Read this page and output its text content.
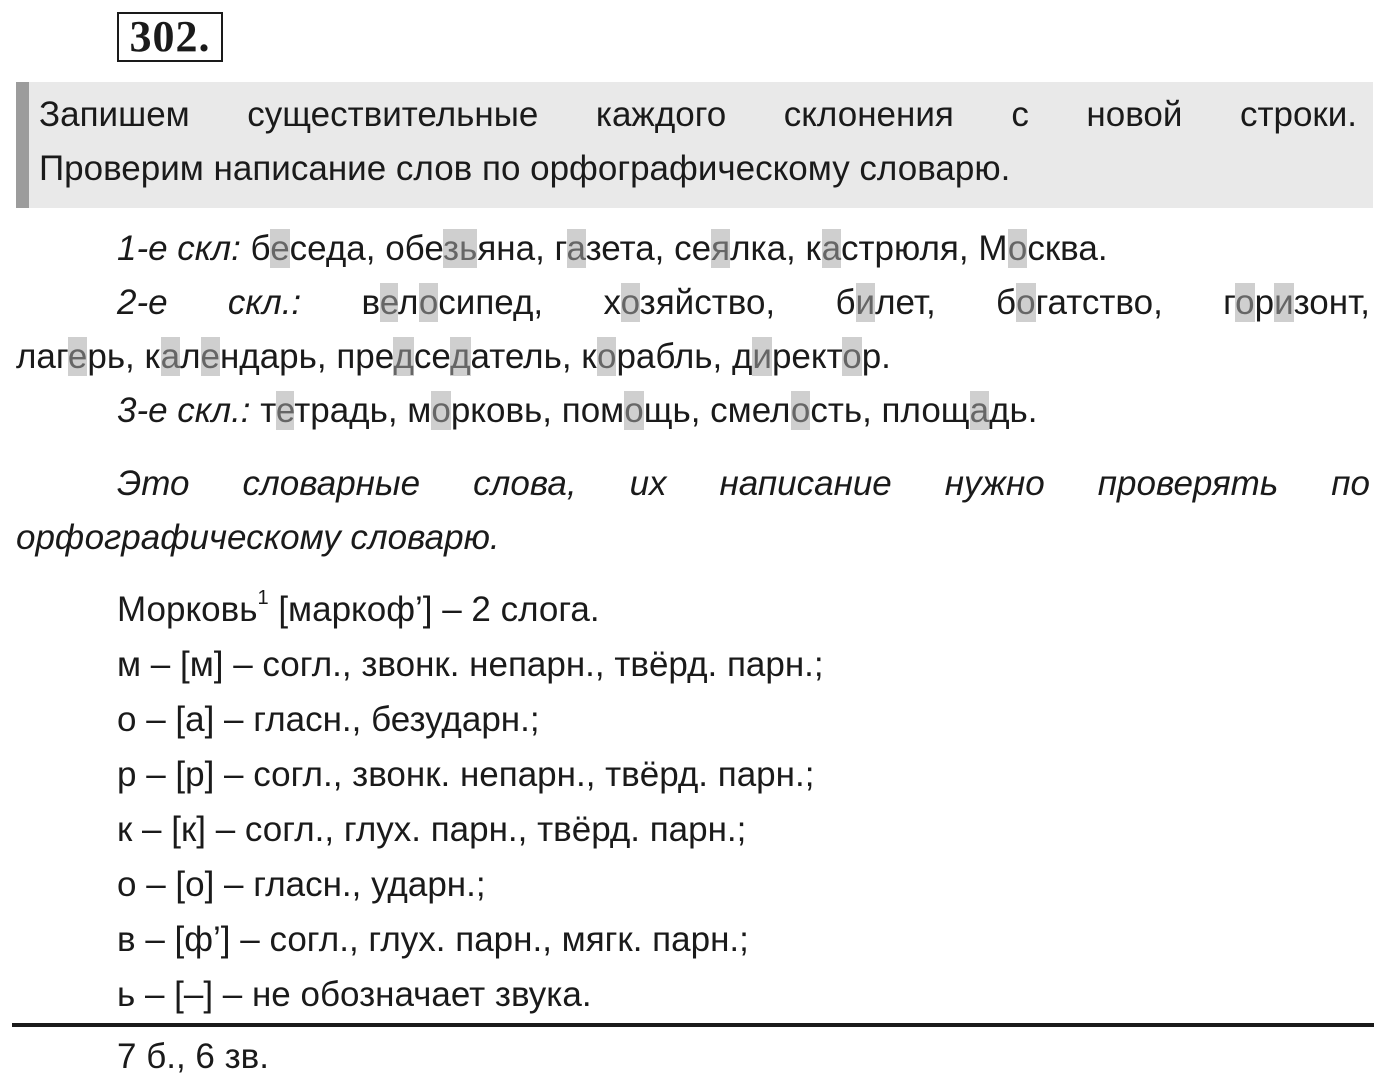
302.
Запишем существительные каждого склонения с новой строки.
Проверим написание слов по орфографическому словарю.
1-е скл: беседа, обезьяна, газета, сеялка, кастрюля, Москва.
2-е скл.: велосипед, хозяйство, билет, богатство, горизонт,
лагерь, календарь, председатель, корабль, директор.
3-е скл.: тетрадь, морковь, помощь, смелость, площадь.
Это словарные слова, их написание нужно проверять по
орфографическому словарю.
Морковь$^1$ [маркоф’] – 2 слога.
м – [м] – согл., звонк. непарн., твёрд. парн.;
о – [а] – гласн., безударн.;
р – [р] – согл., звонк. непарн., твёрд. парн.;
к – [к] – согл., глух. парн., твёрд. парн.;
о – [о] – гласн., ударн.;
в – [ф’] – согл., глух. парн., мягк. парн.;
ь – [–] – не обозначает звука.
7 б., 6 зв.
